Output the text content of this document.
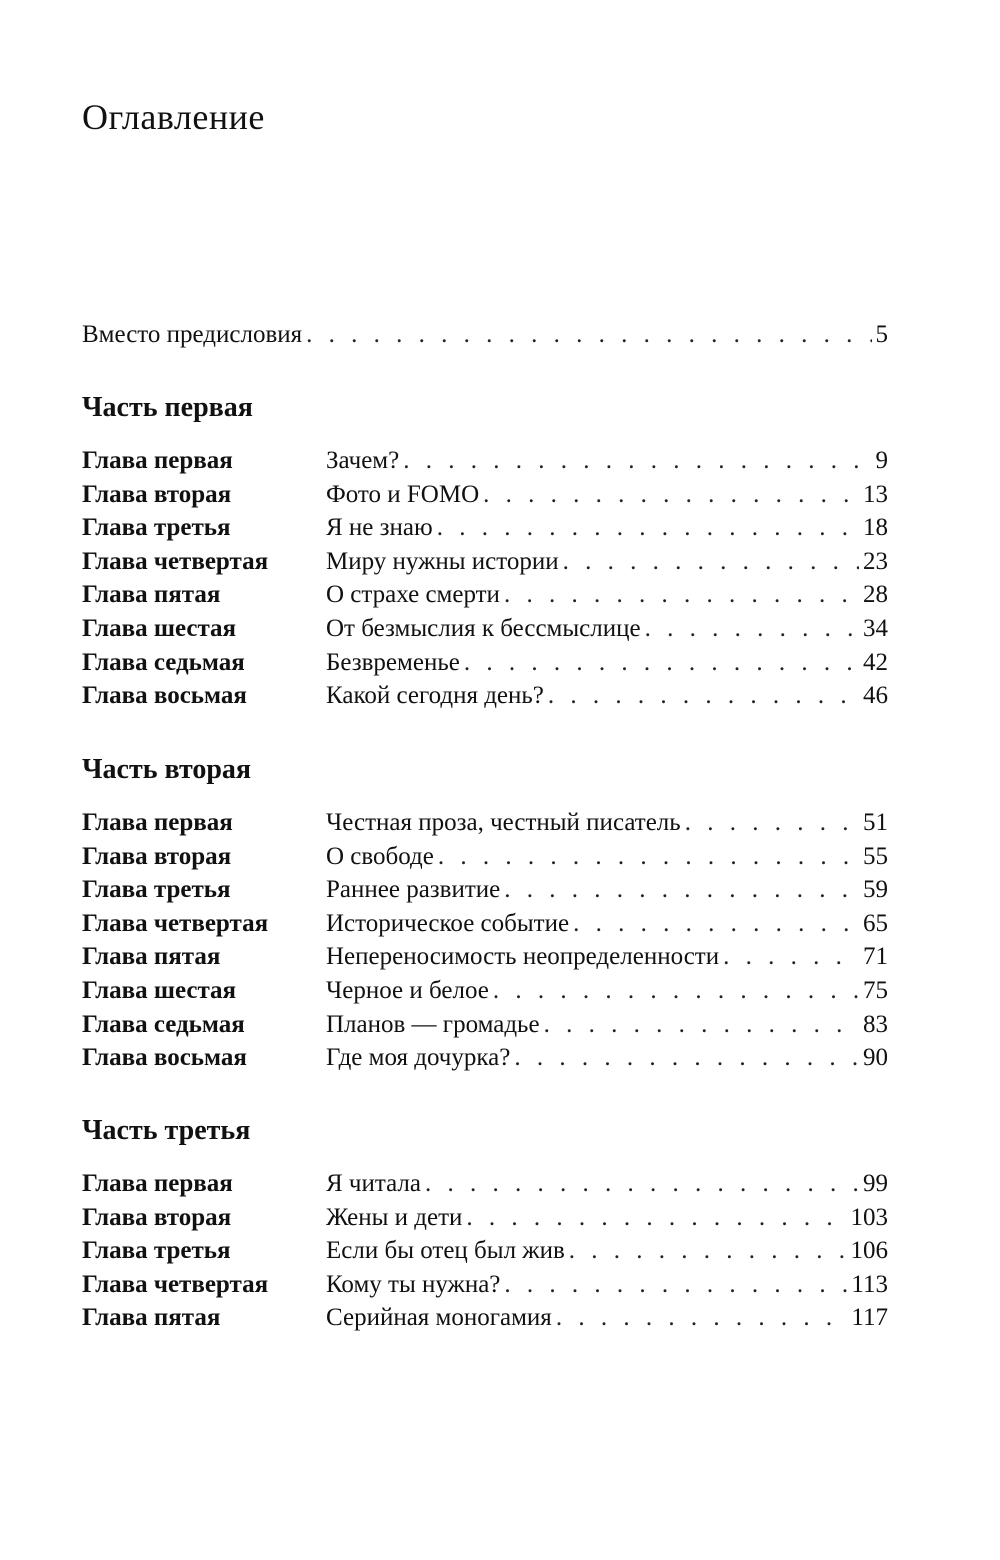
Оглавление
Вместо предисловия . . .	5
Часть первая
Глава первая	Зачем? . . .	9
Глава вторая	Фото и FOMO . . .	13
Глава третья	Я не знаю . . .	18
Глава четвертая	Миру нужны истории . . .	23
Глава пятая	О страхе смерти . . .	28
Глава шестая	От безмыслия к бессмыслице . . .	34
Глава седьмая	Безвременье . . .	42
Глава восьмая	Какой сегодня день? . . .	46
Часть вторая
Глава первая	Честная проза, честный писатель . . .	51
Глава вторая	О свободе . . .	55
Глава третья	Раннее развитие . . .	59
Глава четвертая	Историческое событие . . .	65
Глава пятая	Непереносимость неопределенности . . .	71
Глава шестая	Черное и белое . . .	75
Глава седьмая	Планов — громадье . . .	83
Глава восьмая	Где моя дочурка? . . .	90
Часть третья
Глава первая	Я читала . . .	99
Глава вторая	Жены и дети . . .	103
Глава третья	Если бы отец был жив . . .	106
Глава четвертая	Кому ты нужна? . . .	113
Глава пятая	Серийная моногамия . . .	117
